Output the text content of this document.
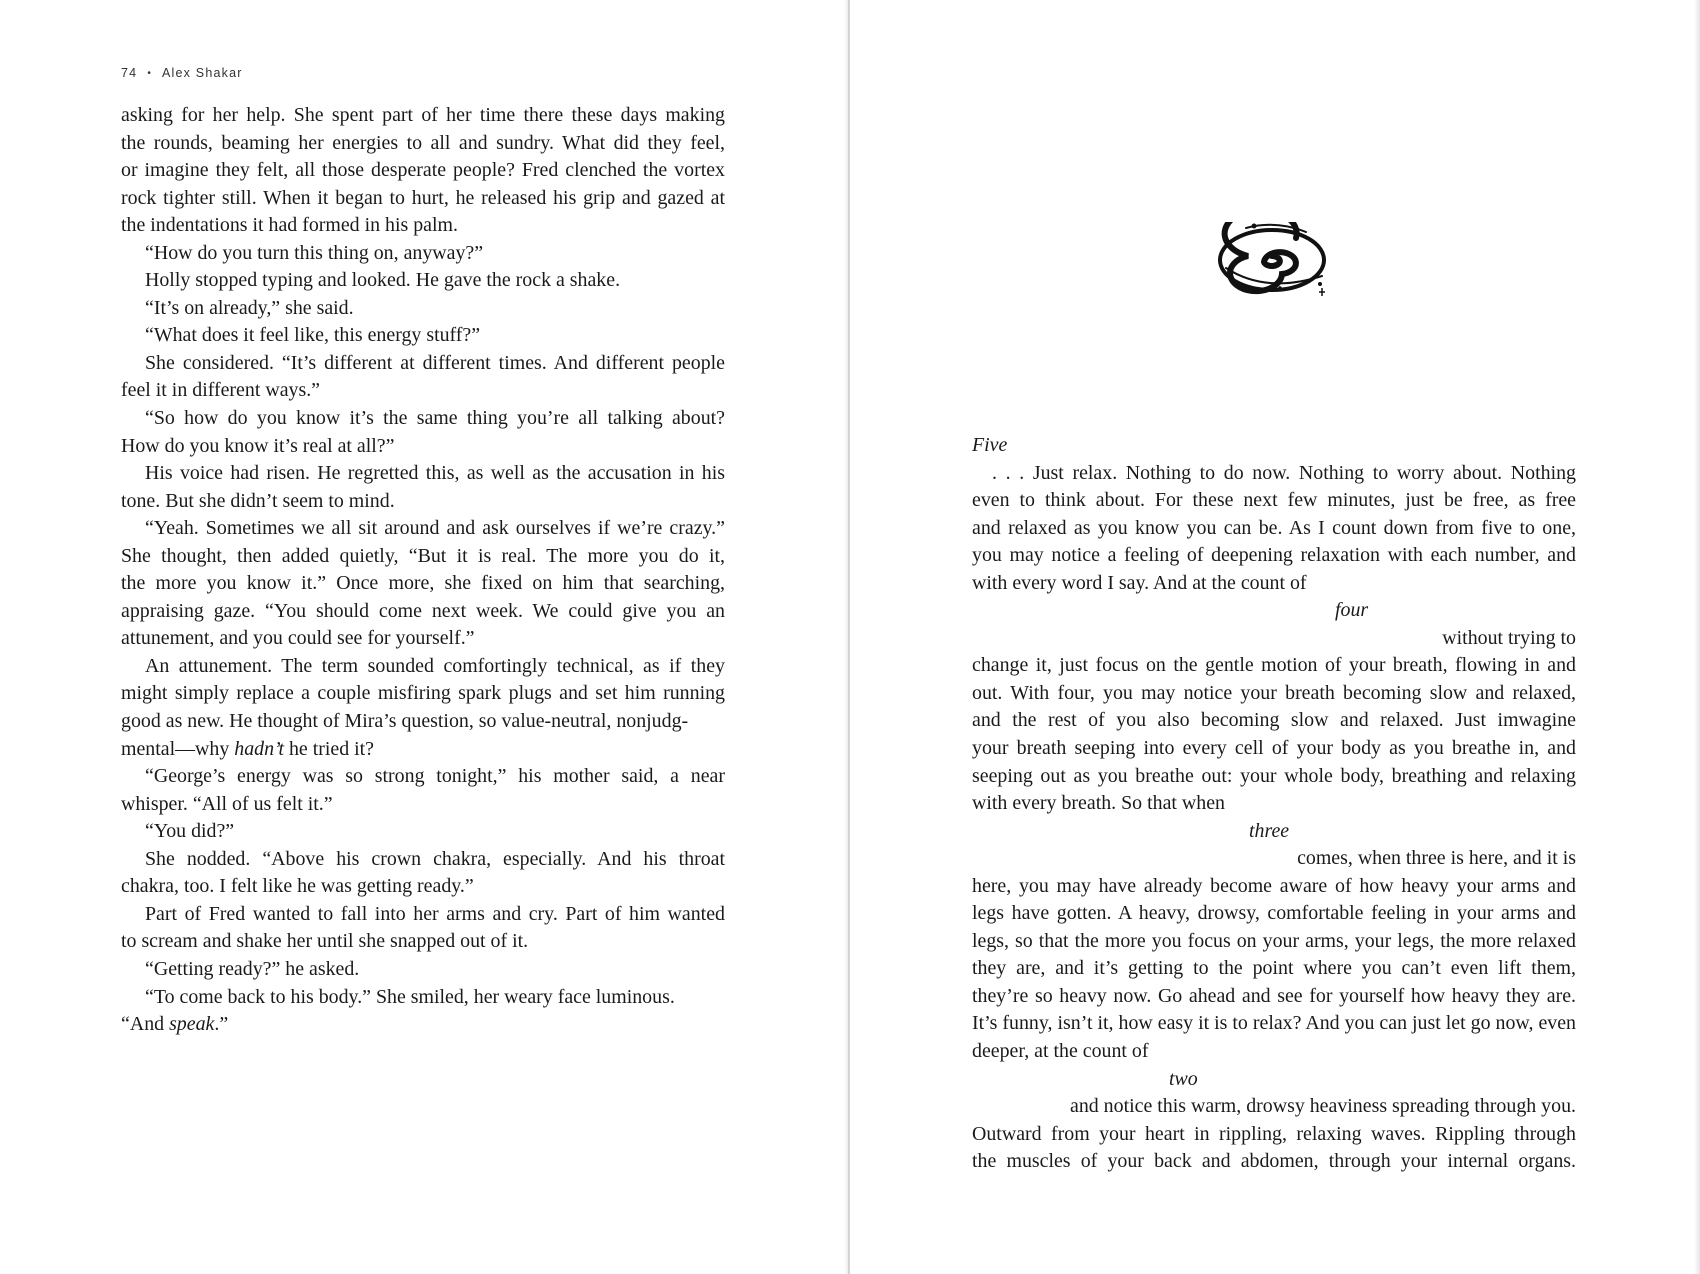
74 • Alex Shakar
asking for her help. She spent part of her time there these days making
the rounds, beaming her energies to all and sundry. What did they feel,
or imagine they felt, all those desperate people? Fred clenched the vortex
rock tighter still. When it began to hurt, he released his grip and gazed at
the indentations it had formed in his palm.
“How do you turn this thing on, anyway?”
Holly stopped typing and looked. He gave the rock a shake.
“It’s on already,” she said.
“What does it feel like, this energy stuff?”
She considered. “It’s different at different times. And different people
feel it in different ways.”
“So how do you know it’s the same thing you’re all talking about?
How do you know it’s real at all?”
His voice had risen. He regretted this, as well as the accusation in his
tone. But she didn’t seem to mind.
“Yeah. Sometimes we all sit around and ask ourselves if we’re crazy.”
She thought, then added quietly, “But it is real. The more you do it,
the more you know it.” Once more, she fixed on him that searching,
appraising gaze. “You should come next week. We could give you an
attunement, and you could see for yourself.”
An attunement. The term sounded comfortingly technical, as if they
might simply replace a couple misfiring spark plugs and set him running
good as new. He thought of Mira’s question, so value-neutral, nonjudg-
mental—why hadn’t he tried it?
“George’s energy was so strong tonight,” his mother said, a near
whisper. “All of us felt it.”
“You did?”
She nodded. “Above his crown chakra, especially. And his throat
chakra, too. I felt like he was getting ready.”
Part of Fred wanted to fall into her arms and cry. Part of him wanted
to scream and shake her until she snapped out of it.
“Getting ready?” he asked.
“To come back to his body.” She smiled, her weary face luminous.
“And speak.”
Five
. . . Just relax. Nothing to do now. Nothing to worry about. Nothing
even to think about. For these next few minutes, just be free, as free
and relaxed as you know you can be. As I count down from five to one,
you may notice a feeling of deepening relaxation with each number, and
with every word I say. And at the count of
four
without trying to
change it, just focus on the gentle motion of your breath, flowing in and
out. With four, you may notice your breath becoming slow and relaxed,
and the rest of you also becoming slow and relaxed. Just imwagine
your breath seeping into every cell of your body as you breathe in, and
seeping out as you breathe out: your whole body, breathing and relaxing
with every breath. So that when
three
comes, when three is here, and it is
here, you may have already become aware of how heavy your arms and
legs have gotten. A heavy, drowsy, comfortable feeling in your arms and
legs, so that the more you focus on your arms, your legs, the more relaxed
they are, and it’s getting to the point where you can’t even lift them,
they’re so heavy now. Go ahead and see for yourself how heavy they are.
It’s funny, isn’t it, how easy it is to relax? And you can just let go now, even
deeper, at the count of
two
and notice this warm, drowsy heaviness spreading through you.
Outward from your heart in rippling, relaxing waves. Rippling through
the muscles of your back and abdomen, through your internal organs.
